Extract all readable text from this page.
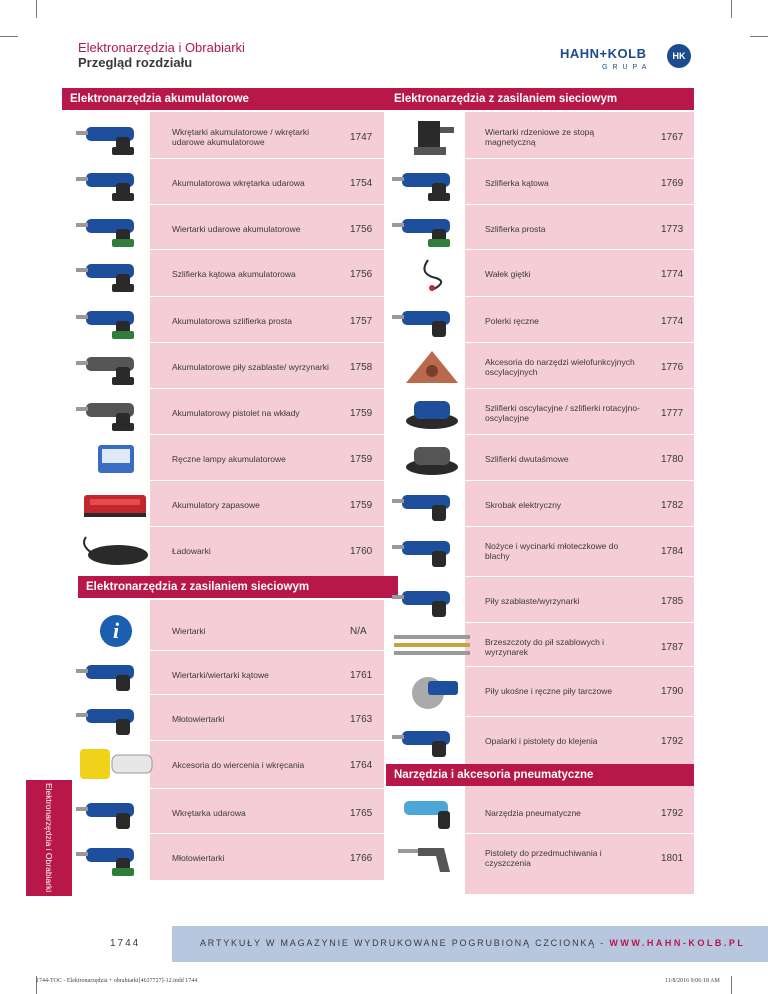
Elektronarzędzia i Obrabiarki
Przegląd rozdziału
HAHN+KOLB
GRUPA
HK
Elektronarzędzia akumulatorowe
Wkrętarki akumulatorowe / wkrętarki udarowe akumulatorowe	1747
Akumulatorowa wkrętarka udarowa	1754
Wiertarki udarowe akumulatorowe	1756
Szlifierka kątowa akumulatorowa	1756
Akumulatorowa szlifierka prosta	1757
Akumulatorowe piły szablaste/ wyrzynarki	1758
Akumulatorowy pistolet na wkłady	1759
Ręczne lampy akumulatorowe	1759
Akumulatory zapasowe	1759
Ładowarki	1760
Elektronarzędzia z zasilaniem sieciowym
i	Wiertarki	N/A
Wiertarki/wiertarki kątowe	1761
Młotowiertarki	1763
Akcesoria do wiercenia i wkręcania	1764
Wkrętarka udarowa	1765
Młotowiertarki	1766
Elektronarzędzia z zasilaniem sieciowym
Wiertarki rdzeniowe ze stopą magnetyczną	1767
Szlifierka kątowa	1769
Szlifierka prosta	1773
Wałek giętki	1774
Polerki ręczne	1774
Akcesoria do narzędzi wielofunkcyjnych oscylacyjnych	1776
Szlifierki oscylacyjne / szlifierki rotacyjno-oscylacyjne	1777
Szlifierki dwutaśmowe	1780
Skrobak elektryczny	1782
Nożyce i wycinarki młoteczkowe do blachy	1784
Piły szablaste/wyrzynarki	1785
Brzeszczoty do pił szablowych i wyrzynarek	1787
Piły ukośne i ręczne piły tarczowe	1790
Opalarki i pistolety do klejenia	1792
Narzędzia i akcesoria pneumatyczne
Narzędzia pneumatyczne	1792
Pistolety do przedmuchiwania i czyszczenia	1801
Elektronarzędzia i Obrabiarki
1744	ARTYKUŁY W MAGAZYNIE WYDRUKOWANE POGRUBIONĄ CZCIONKĄ - WWW.HAHN-KOLB.PL
1744-TOC - Elektronarzędzia + obrabiarki[4637727]-12.indd 1744	11/8/2016 9:06:18 AM
